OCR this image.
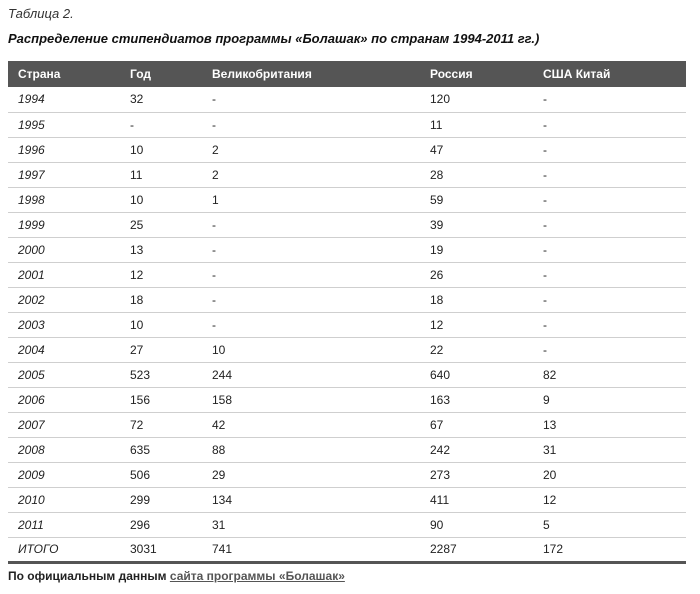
Таблица 2.
Распределение стипендиатов программы «Болашак» по странам 1994-2011 гг.)
Страна	Год	Великобритания	Россия	США Китай
1994	32	-	120	-
1995	-	-	11	-
1996	10	2	47	-
1997	11	2	28	-
1998	10	1	59	-
1999	25	-	39	-
2000	13	-	19	-
2001	12	-	26	-
2002	18	-	18	-
2003	10	-	12	-
2004	27	10	22	-
2005	523	244	640	82
2006	156	158	163	9
2007	72	42	67	13
2008	635	88	242	31
2009	506	29	273	20
2010	299	134	411	12
2011	296	31	90	5
ИТОГО	3031	741	2287	172
По официальным данным сайта программы «Болашак»
